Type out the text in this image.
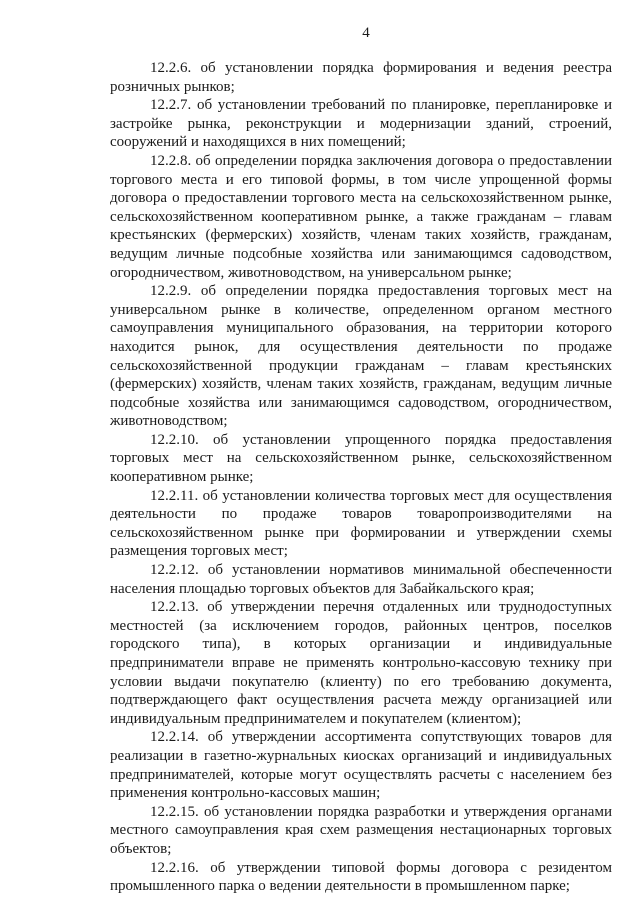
4

12.2.6. об установлении порядка формирования и ведения реестра розничных рынков;

12.2.7. об установлении требований по планировке, перепланировке и застройке рынка, реконструкции и модернизации зданий, строений, сооружений и находящихся в них помещений;

12.2.8. об определении порядка заключения договора о предоставлении торгового места и его типовой формы, в том числе упрощенной формы договора о предоставлении торгового места на сельскохозяйственном рынке, сельскохозяйственном кооперативном рынке, а также гражданам – главам крестьянских (фермерских) хозяйств, членам таких хозяйств, гражданам, ведущим личные подсобные хозяйства или занимающимся садоводством, огородничеством, животноводством, на универсальном рынке;

12.2.9. об определении порядка предоставления торговых мест на универсальном рынке в количестве, определенном органом местного самоуправления муниципального образования, на территории которого находится рынок, для осуществления деятельности по продаже сельскохозяйственной продукции гражданам – главам крестьянских (фермерских) хозяйств, членам таких хозяйств, гражданам, ведущим личные подсобные хозяйства или занимающимся садоводством, огородничеством, животноводством;

12.2.10. об установлении упрощенного порядка предоставления торговых мест на сельскохозяйственном рынке, сельскохозяйственном кооперативном рынке;

12.2.11. об установлении количества торговых мест для осуществления деятельности по продаже товаров товаропроизводителями на сельскохозяйственном рынке при формировании и утверждении схемы размещения торговых мест;

12.2.12. об установлении нормативов минимальной обеспеченности населения площадью торговых объектов для Забайкальского края;

12.2.13. об утверждении перечня отдаленных или труднодоступных местностей (за исключением городов, районных центров, поселков городского типа), в которых организации и индивидуальные предприниматели вправе не применять контрольно-кассовую технику при условии выдачи покупателю (клиенту) по его требованию документа, подтверждающего факт осуществления расчета между организацией или индивидуальным предпринимателем и покупателем (клиентом);

12.2.14. об утверждении ассортимента сопутствующих товаров для реализации в газетно-журнальных киосках организаций и индивидуальных предпринимателей, которые могут осуществлять расчеты с населением без применения контрольно-кассовых машин;

12.2.15. об установлении порядка разработки и утверждения органами местного самоуправления края схем размещения нестационарных торговых объектов;

12.2.16. об утверждении типовой формы договора с резидентом промышленного парка о ведении деятельности в промышленном парке;
